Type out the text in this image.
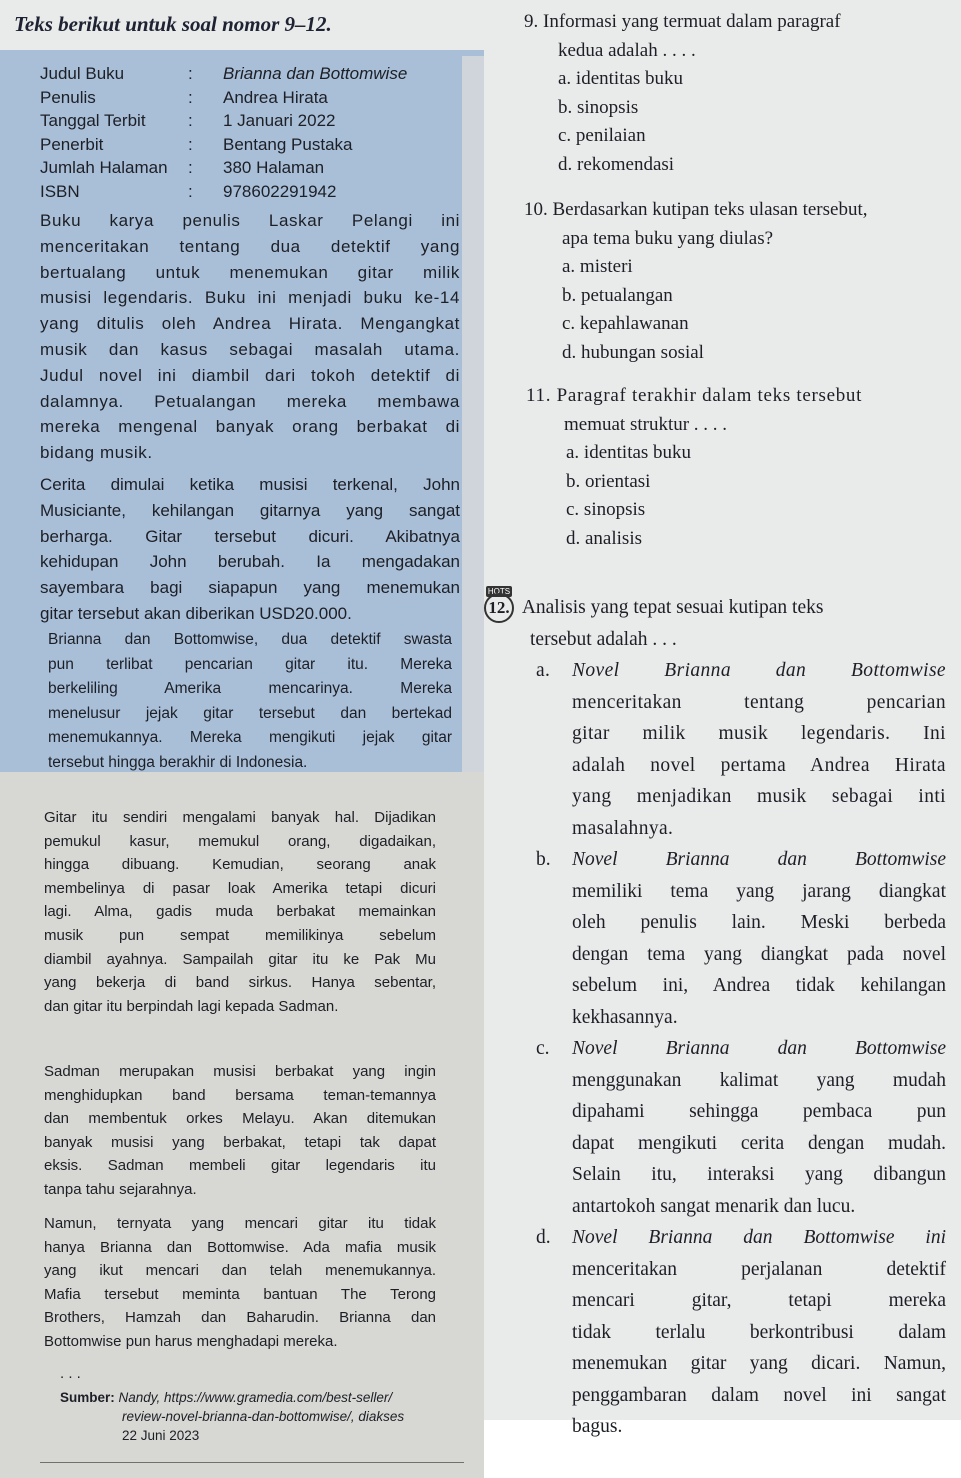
Teks berikut untuk soal nomor 9–12.
Judul Buku	:	Brianna dan Bottomwise
Penulis	:	Andrea Hirata
Tanggal Terbit	:	1 Januari 2022
Penerbit	:	Bentang Pustaka
Jumlah Halaman	:	380 Halaman
ISBN	:	978602291942
Buku karya penulis Laskar Pelangi ini
menceritakan tentang dua detektif yang
bertualang untuk menemukan gitar milik
musisi legendaris. Buku ini menjadi buku ke-14
yang ditulis oleh Andrea Hirata. Mengangkat
musik dan kasus sebagai masalah utama.
Judul novel ini diambil dari tokoh detektif di
dalamnya. Petualangan mereka membawa
mereka mengenal banyak orang berbakat di
bidang musik.
Cerita dimulai ketika musisi terkenal, John
Musiciante, kehilangan gitarnya yang sangat
berharga. Gitar tersebut dicuri. Akibatnya
kehidupan John berubah. Ia mengadakan
sayembara bagi siapapun yang menemukan
gitar tersebut akan diberikan USD20.000.
Brianna dan Bottomwise, dua detektif swasta
pun terlibat pencarian gitar itu. Mereka
berkeliling Amerika mencarinya. Mereka
menelusur jejak gitar tersebut dan bertekad
menemukannya. Mereka mengikuti jejak gitar
tersebut hingga berakhir di Indonesia.
Gitar itu sendiri mengalami banyak hal. Dijadikan
pemukul kasur, memukul orang, digadaikan,
hingga dibuang. Kemudian, seorang anak
membelinya di pasar loak Amerika tetapi dicuri
lagi. Alma, gadis muda berbakat memainkan
musik pun sempat memilikinya sebelum
diambil ayahnya. Sampailah gitar itu ke Pak Mu
yang bekerja di band sirkus. Hanya sebentar,
dan gitar itu berpindah lagi kepada Sadman.
Sadman merupakan musisi berbakat yang ingin
menghidupkan band bersama teman-temannya
dan membentuk orkes Melayu. Akan ditemukan
banyak musisi yang berbakat, tetapi tak dapat
eksis. Sadman membeli gitar legendaris itu
tanpa tahu sejarahnya.
Namun, ternyata yang mencari gitar itu tidak
hanya Brianna dan Bottomwise. Ada mafia musik
yang ikut mencari dan telah menemukannya.
Mafia tersebut meminta bantuan The Terong
Brothers, Hamzah dan Baharudin. Brianna dan
Bottomwise pun harus menghadapi mereka.
. . .
Sumber: Nandy, https://www.gramedia.com/best-seller/
review-novel-brianna-dan-bottomwise/, diakses
22 Juni 2023
9. Informasi yang termuat dalam paragraf
kedua adalah . . . .
a. identitas buku
b. sinopsis
c. penilaian
d. rekomendasi
10. Berdasarkan kutipan teks ulasan tersebut,
apa tema buku yang diulas?
a. misteri
b. petualangan
c. kepahlawanan
d. hubungan sosial
11. Paragraf terakhir dalam teks tersebut
memuat struktur . . . .
a. identitas buku
b. orientasi
c. sinopsis
d. analisis
HOTS
12. Analisis yang tepat sesuai kutipan teks
tersebut adalah . . .
a. Novel Brianna dan Bottomwise
menceritakan tentang pencarian
gitar milik musik legendaris. Ini
adalah novel pertama Andrea Hirata
yang menjadikan musik sebagai inti
masalahnya.
b. Novel Brianna dan Bottomwise
memiliki tema yang jarang diangkat
oleh penulis lain. Meski berbeda
dengan tema yang diangkat pada novel
sebelum ini, Andrea tidak kehilangan
kekhasannya.
c. Novel Brianna dan Bottomwise
menggunakan kalimat yang mudah
dipahami sehingga pembaca pun
dapat mengikuti cerita dengan mudah.
Selain itu, interaksi yang dibangun
antartokoh sangat menarik dan lucu.
d. Novel Brianna dan Bottomwise ini
menceritakan perjalanan detektif
mencari gitar, tetapi mereka
tidak terlalu berkontribusi dalam
menemukan gitar yang dicari. Namun,
penggambaran dalam novel ini sangat
bagus.
